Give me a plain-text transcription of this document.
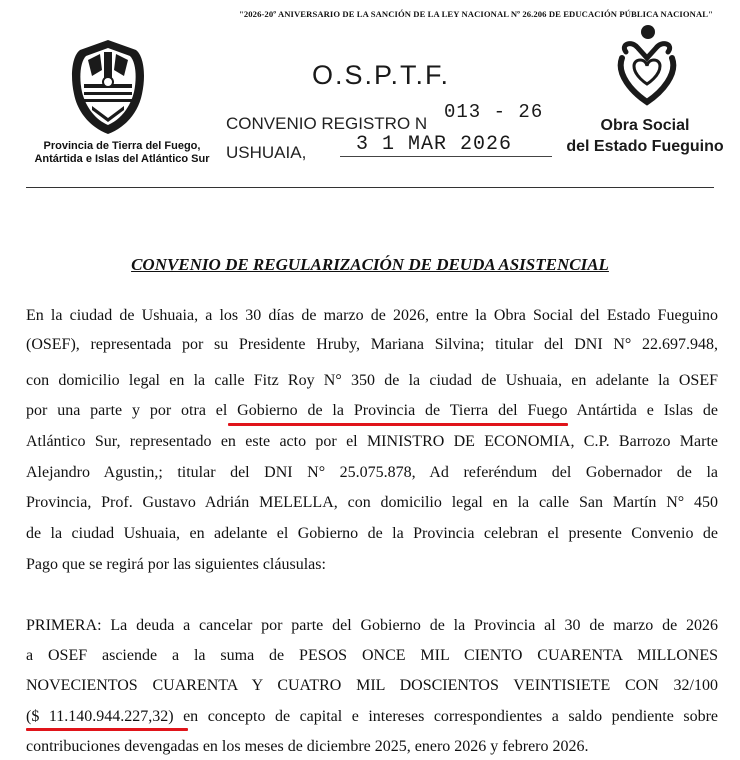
"2026-20º ANIVERSARIO DE LA SANCIÓN DE LA LEY NACIONAL Nº 26.206 DE EDUCACIÓN PÚBLICA NACIONAL"
Provincia de Tierra del Fuego,
Antártida e Islas del Atlántico Sur
O.S.P.T.F.
CONVENIO REGISTRO N
USHUAIA,
013 - 26
3 1 MAR 2026
Obra Social
del Estado Fueguino
CONVENIO DE REGULARIZACIÓN DE DEUDA ASISTENCIAL
En la ciudad de Ushuaia, a los 30 días de marzo de 2026, entre la Obra Social del Estado Fueguino
(OSEF), representada por su Presidente Hruby, Mariana Silvina; titular del DNI N° 22.697.948,
con domicilio legal en la calle Fitz Roy N° 350 de la ciudad de Ushuaia, en adelante la OSEF
por una parte y por otra el Gobierno de la Provincia de Tierra del Fuego Antártida e Islas de
Atlántico Sur, representado en este acto por el MINISTRO DE ECONOMIA, C.P. Barrozo Marte
Alejandro Agustin,; titular del DNI N° 25.075.878, Ad referéndum del Gobernador de la
Provincia, Prof. Gustavo Adrián MELELLA, con domicilio legal en la calle San Martín N° 450
de la ciudad Ushuaia, en adelante el Gobierno de la Provincia celebran el presente Convenio de
Pago que se regirá por las siguientes cláusulas:
PRIMERA: La deuda a cancelar por parte del Gobierno de la Provincia al 30 de marzo de 2026
a OSEF asciende a la suma de PESOS ONCE MIL CIENTO CUARENTA MILLONES
NOVECIENTOS CUARENTA Y CUATRO MIL DOSCIENTOS VEINTISIETE CON 32/100
($ 11.140.944.227,32) en concepto de capital e intereses correspondientes a saldo pendiente sobre
contribuciones devengadas en los meses de diciembre 2025, enero 2026 y febrero 2026.
